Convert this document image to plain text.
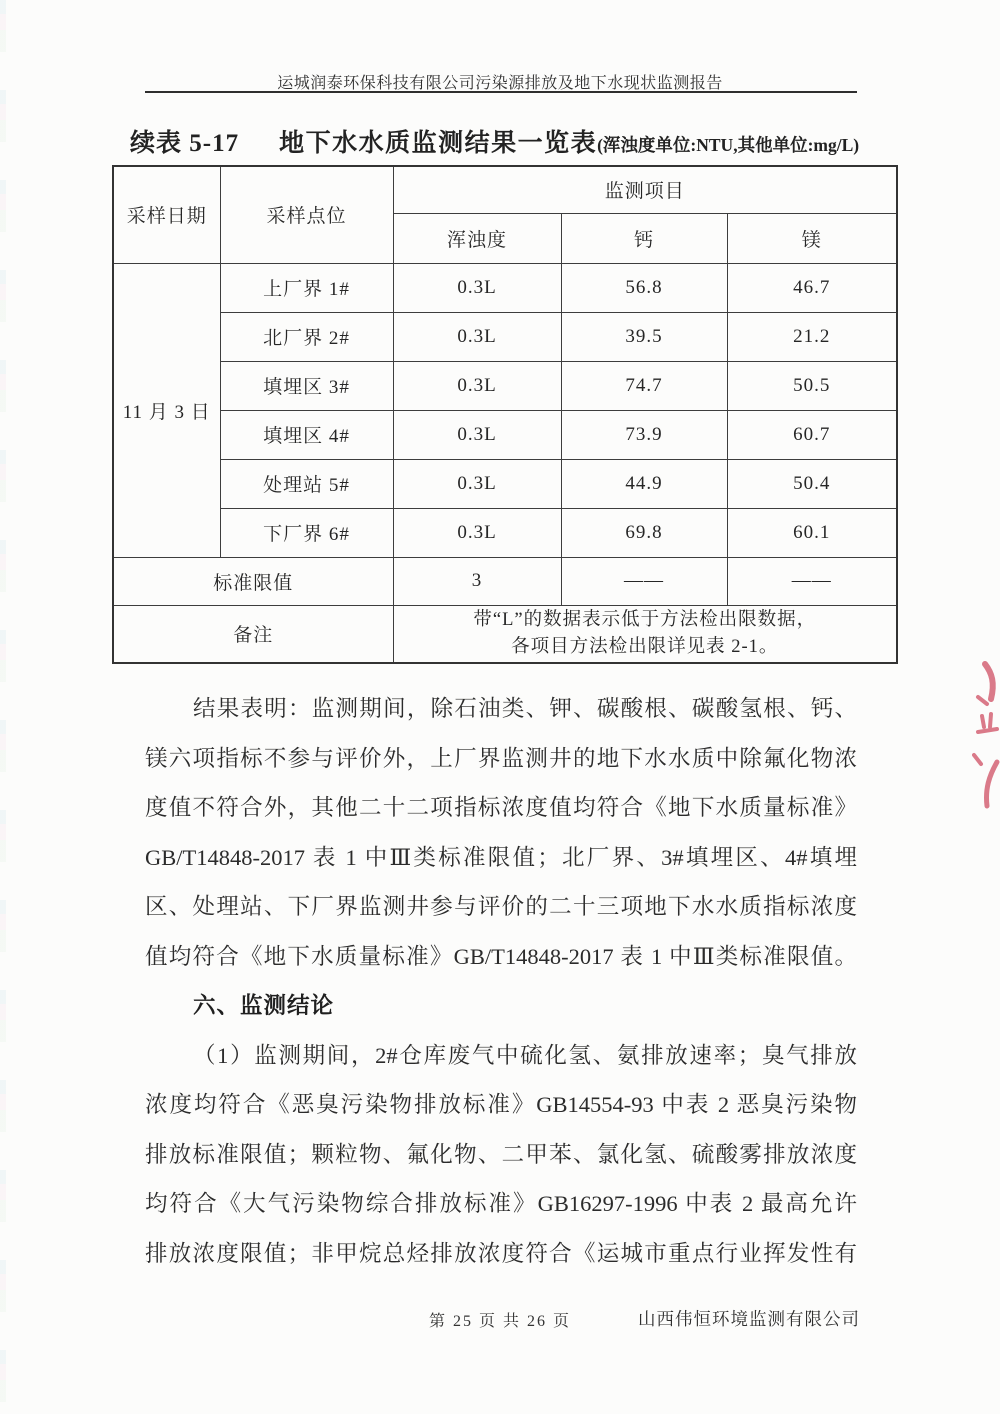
运城润泰环保科技有限公司污染源排放及地下水现状监测报告
续表 5-17 地下水水质监测结果一览表(浑浊度单位:NTU,其他单位:mg/L)
采样日期	采样点位	监测项目		
		浑浊度	钙	镁
11 月 3 日	上厂界 1#	0.3L	56.8	46.7
	北厂界 2#	0.3L	39.5	21.2
	填埋区 3#	0.3L	74.7	50.5
	填埋区 4#	0.3L	73.9	60.7
	处理站 5#	0.3L	44.9	50.4
	下厂界 6#	0.3L	69.8	60.1
标准限值		3	——	——
备注		带“L”的数据表示低于方法检出限数据，
各项目方法检出限详见表 2-1。		
结果表明：监测期间，除石油类、钾、碳酸根、碳酸氢根、钙、
镁六项指标不参与评价外，上厂界监测井的地下水水质中除氟化物浓
度值不符合外，其他二十二项指标浓度值均符合《地下水质量标准》
GB/T14848-2017 表 1 中Ⅲ类标准限值；北厂界、3#填埋区、4#填埋
区、处理站、下厂界监测井参与评价的二十三项地下水水质指标浓度
值均符合《地下水质量标准》GB/T14848-2017 表 1 中Ⅲ类标准限值。
六、监测结论
（1）监测期间，2#仓库废气中硫化氢、氨排放速率；臭气排放
浓度均符合《恶臭污染物排放标准》GB14554-93 中表 2 恶臭污染物
排放标准限值；颗粒物、氟化物、二甲苯、氯化氢、硫酸雾排放浓度
均符合《大气污染物综合排放标准》GB16297-1996 中表 2 最高允许
排放浓度限值；非甲烷总烃排放浓度符合《运城市重点行业挥发性有
第 25 页 共 26 页	山西伟恒环境监测有限公司
